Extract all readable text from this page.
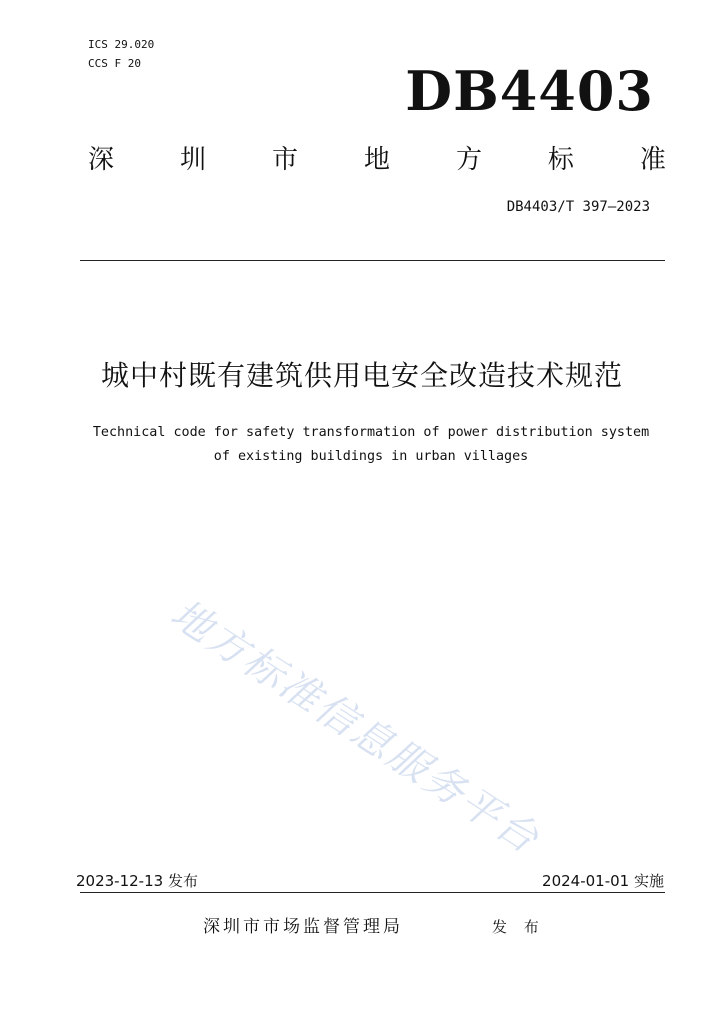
ICS 29.020
CCS F 20	DB4403
深	圳	市	地	方	标	准
DB4403/T 397—2023
城中村既有建筑供用电安全改造技术规范
Technical code for safety transformation of power distribution system
of existing buildings in urban villages
地方标准信息服务平台
2023-12-13 发布	2024-01-01 实施
深圳市市场监督管理局	发 布
